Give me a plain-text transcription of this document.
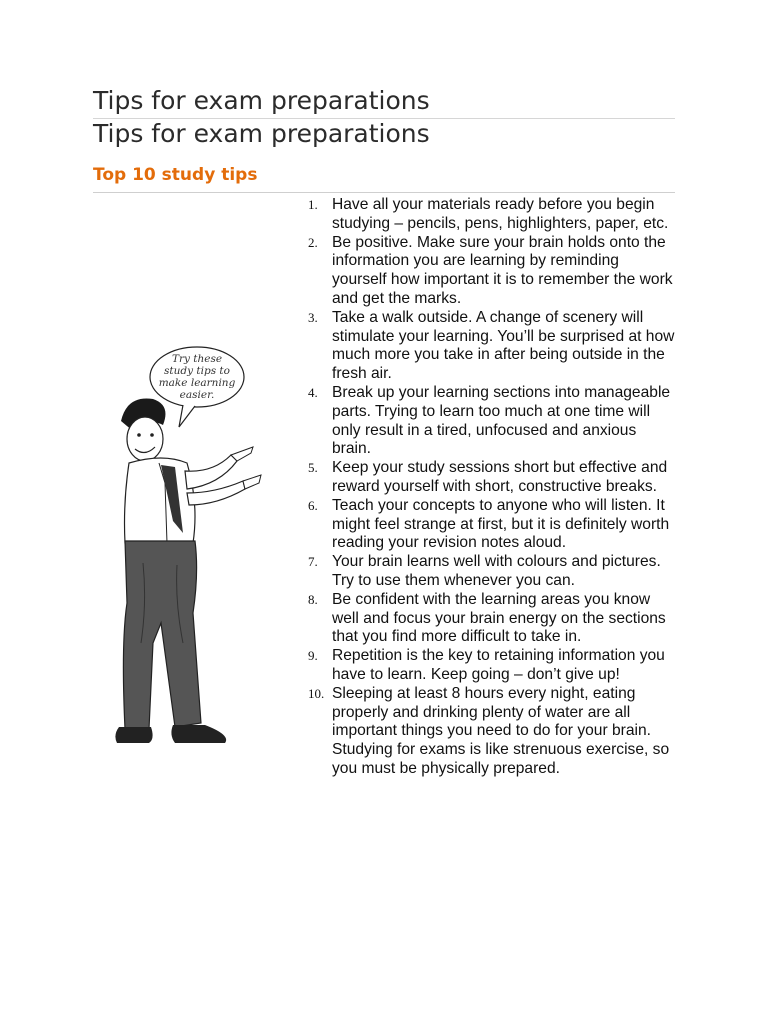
Tips for exam preparations
Tips for exam preparations
Top 10 study tips
Try these
study tips to
make learning
easier.
1. Have all your materials ready before you begin studying – pencils, pens, highlighters, paper, etc.
2. Be positive. Make sure your brain holds onto the information you are learning by reminding yourself how important it is to remember the work and get the marks.
3. Take a walk outside. A change of scenery will stimulate your learning. You’ll be surprised at how much more you take in after being outside in the fresh air.
4. Break up your learning sections into manageable parts. Trying to learn too much at one time will only result in a tired, unfocused and anxious brain.
5. Keep your study sessions short but effective and reward yourself with short, constructive breaks.
6. Teach your concepts to anyone who will listen. It might feel strange at first, but it is definitely worth reading your revision notes aloud.
7. Your brain learns well with colours and pictures. Try to use them whenever you can.
8. Be confident with the learning areas you know well and focus your brain energy on the sections that you find more difficult to take in.
9. Repetition is the key to retaining information you have to learn. Keep going – don’t give up!
10. Sleeping at least 8 hours every night, eating properly and drinking plenty of water are all important things you need to do for your brain. Studying for exams is like strenuous exercise, so you must be physically prepared.
